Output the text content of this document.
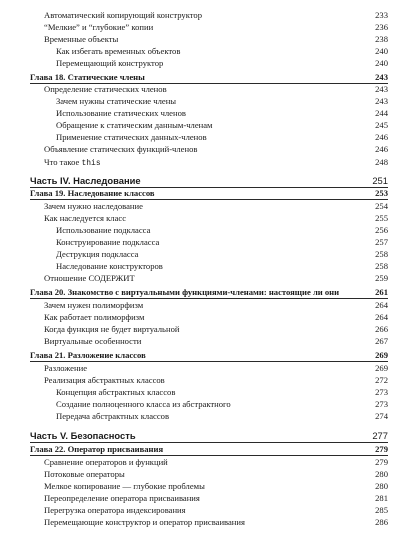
Автоматический копирующий конструктор	233
“Мелкие” и “глубокие” копии	236
Временные объекты	238
Как избегать временных объектов	240
Перемещающий конструктор	240
Глава 18. Статические члены	243
Определение статических членов	243
Зачем нужны статические члены	243
Использование статических членов	244
Обращение к статическим данным-членам	245
Применение статических данных-членов	246
Объявление статических функций-членов	246
Что такое this	248
Часть IV. Наследование	251
Глава 19. Наследование классов	253
Зачем нужно наследование	254
Как наследуется класс	255
Использование подкласса	256
Конструирование подкласса	257
Деструкция подкласса	258
Наследование конструкторов	258
Отношение СОДЕРЖИТ	259
Глава 20. Знакомство с виртуальными функциями-членами: настоящие ли они	261
Зачем нужен полиморфизм	264
Как работает полиморфизм	264
Когда функция не будет виртуальной	266
Виртуальные особенности	267
Глава 21. Разложение классов	269
Разложение	269
Реализация абстрактных классов	272
Концепция абстрактных классов	273
Создание полноценного класса из абстрактного	273
Передача абстрактных классов	274
Часть V. Безопасность	277
Глава 22. Оператор присваивания	279
Сравнение операторов и функций	279
Потоковые операторы	280
Мелкое копирование — глубокие проблемы	280
Переопределение оператора присваивания	281
Перегрузка оператора индексирования	285
Перемещающие конструктор и оператор присваивания	286
